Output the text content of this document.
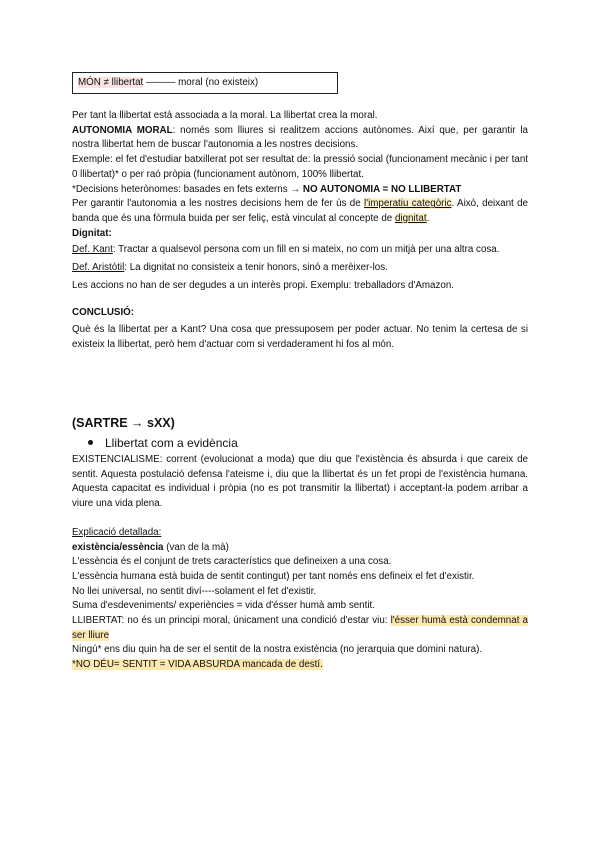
MÓN ≠ llibertat ——— moral (no existeix)

Per tant la llibertat està associada a la moral. La llibertat crea la moral.

AUTONOMIA MORAL: només som lliures si realitzem accions autònomes. Així que, per garantir la nostra llibertat hem de buscar l'autonomia a les nostres decisions.

Exemple: el fet d'estudiar batxillerat pot ser resultat de: la pressió social (funcionament mecànic i per tant 0 llibertat)* o per raó pròpia (funcionament autònom, 100% llibertat.

*Decisions heterònomes: basades en fets externs → NO AUTONOMIA = NO LLIBERTAT

Per garantir l'autonomia a les nostres decisions hem de fer ús de l'imperatiu categòric. Això, deixant de banda que és una fòrmula buida per ser feliç, està vinculat al concepte de dignitat.

Dignitat:

Def. Kant: Tractar a qualsevol persona com un fill en si mateix, no com un mitjà per una altra cosa.

Def. Aristòtil: La dignitat no consisteix a tenir honors, sinó a merèixer-los.

Les accions no han de ser degudes a un interès propi. Exemplu: treballadors d'Amazon.

CONCLUSIÓ:

Què és la llibertat per a Kant? Una cosa que pressuposem per poder actuar. No tenim la certesa de si existeix la llibertat, però hem d'actuar com si verdaderament hi fos al món.

(SARTRE → sXX)
Llibertat com a evidència

EXISTENCIALISME: corrent (evolucionat a moda) que diu que l'existència és absurda i que careix de sentit. Aquesta postulació defensa l'ateisme i, diu que la llibertat és un fet propi de l'existència humana. Aquesta capacitat es individual i pròpia (no es pot transmitir la llibertat) i acceptant-la podem arribar a viure una vida plena.

Explicació detallada:

existència/essència (van de la mà)

L'essència és el conjunt de trets característics que defineixen a una cosa.

L'essència humana està buida de sentit contingut) per tant només ens defineix el fet d'existir.

No llei universal, no sentit diví----solament el fet d'existir.

Suma d'esdeveniments/ experiències = vida d'ésser humà amb sentit.

LLIBERTAT: no és un principi moral, únicament una condició d'estar viu: l'ésser humà està condemnat a ser lliure

Ningú* ens diu quin ha de ser el sentit de la nostra existència (no jerarquia que domini natura).

*NO DÉU= SENTIT = VIDA ABSURDA mancada de destí.
